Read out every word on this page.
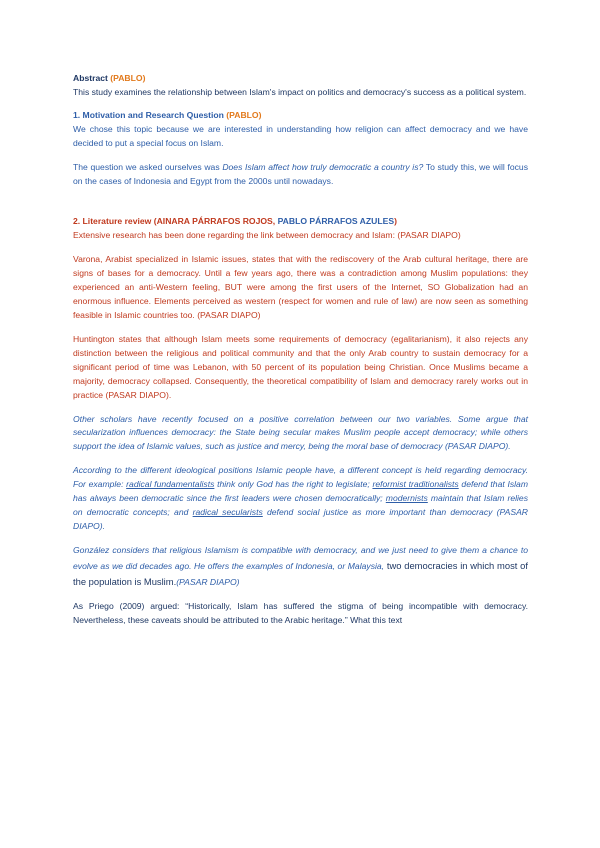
Abstract (PABLO)

This study examines the relationship between Islam's impact on politics and democracy's success as a political system.

1. Motivation and Research Question (PABLO)

We chose this topic because we are interested in understanding how religion can affect democracy and we have decided to put a special focus on Islam.

The question we asked ourselves was Does Islam affect how truly democratic a country is? To study this, we will focus on the cases of Indonesia and Egypt from the 2000s until nowadays.

2. Literature review (AINARA PÁRRAFOS ROJOS, PABLO PÁRRAFOS AZULES)

Extensive research has been done regarding the link between democracy and Islam: (PASAR DIAPO)

Varona, Arabist specialized in Islamic issues, states that with the rediscovery of the Arab cultural heritage, there are signs of bases for a democracy. Until a few years ago, there was a contradiction among Muslim populations: they experienced an anti-Western feeling, BUT were among the first users of the Internet, SO Globalization had an enormous influence. Elements perceived as western (respect for women and rule of law) are now seen as something feasible in Islamic countries too. (PASAR DIAPO)

Huntington states that although Islam meets some requirements of democracy (egalitarianism), it also rejects any distinction between the religious and political community and that the only Arab country to sustain democracy for a significant period of time was Lebanon, with 50 percent of its population being Christian. Once Muslims became a majority, democracy collapsed. Consequently, the theoretical compatibility of Islam and democracy rarely works out in practice (PASAR DIAPO).

Other scholars have recently focused on a positive correlation between our two variables. Some argue that secularization influences democracy: the State being secular makes Muslim people accept democracy; while others support the idea of Islamic values, such as justice and mercy, being the moral base of democracy (PASAR DIAPO).

According to the different ideological positions Islamic people have, a different concept is held regarding democracy. For example: radical fundamentalists think only God has the right to legislate; reformist traditionalists defend that Islam has always been democratic since the first leaders were chosen democratically; modernists maintain that Islam relies on democratic concepts; and radical secularists defend social justice as more important than democracy (PASAR DIAPO).

González considers that religious Islamism is compatible with democracy, and we just need to give them a chance to evolve as we did decades ago. He offers the examples of Indonesia, or Malaysia, two democracies in which most of the population is Muslim.(PASAR DIAPO)

As Priego (2009) argued: “Historically, Islam has suffered the stigma of being incompatible with democracy. Nevertheless, these caveats should be attributed to the Arabic heritage.” What this text
